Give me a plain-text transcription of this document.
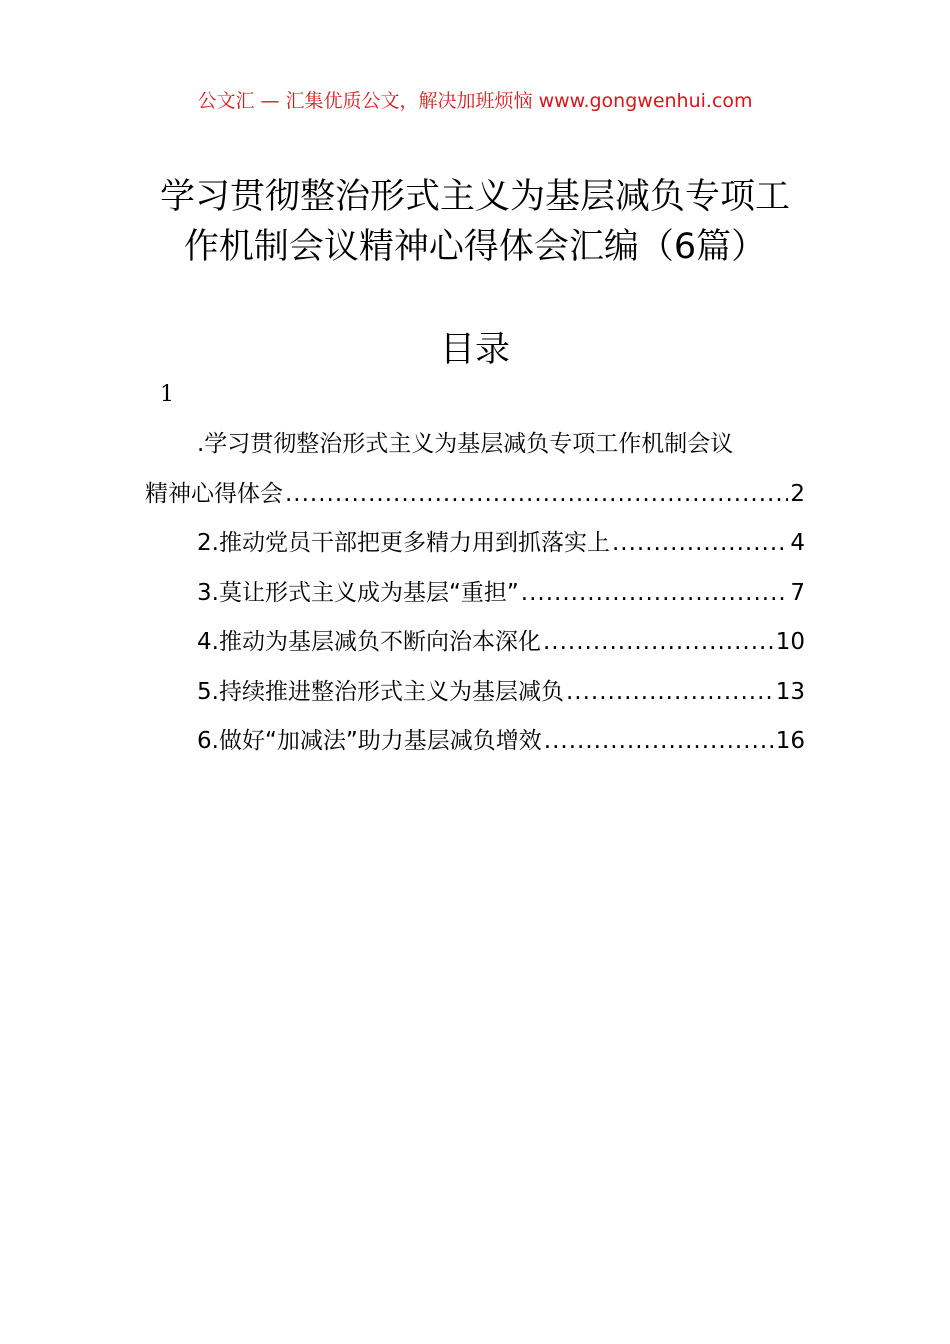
公文汇 — 汇集优质公文，解决加班烦恼 www.gongwenhui.com
学习贯彻整治形式主义为基层减负专项工
作机制会议精神心得体会汇编（6篇）
目录
1
.学习贯彻整治形式主义为基层减负专项工作机制会议
精神心得体会 .....	2
2.推动党员干部把更多精力用到抓落实上 .....	4
3.莫让形式主义成为基层“重担” .....	7
4.推动为基层减负不断向治本深化 .....	10
5.持续推进整治形式主义为基层减负 .....	13
6.做好“加减法”助力基层减负增效 .....	16
